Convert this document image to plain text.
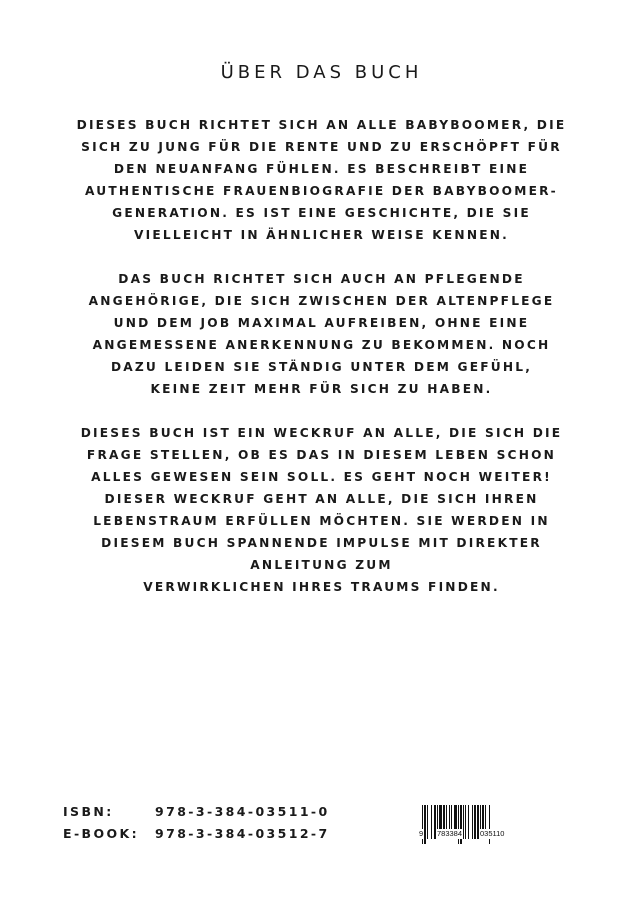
ÜBER DAS BUCH

DIESES BUCH RICHTET SICH AN ALLE BABYBOOMER, DIE
SICH ZU JUNG FÜR DIE RENTE UND ZU ERSCHÖPFT FÜR
DEN NEUANFANG FÜHLEN. ES BESCHREIBT EINE
AUTHENTISCHE FRAUENBIOGRAFIE DER BABYBOOMER-
GENERATION. ES IST EINE GESCHICHTE, DIE SIE
VIELLEICHT IN ÄHNLICHER WEISE KENNEN.

DAS BUCH RICHTET SICH AUCH AN PFLEGENDE
ANGEHÖRIGE, DIE SICH ZWISCHEN DER ALTENPFLEGE
UND DEM JOB MAXIMAL AUFREIBEN, OHNE EINE
ANGEMESSENE ANERKENNUNG ZU BEKOMMEN. NOCH
DAZU LEIDEN SIE STÄNDIG UNTER DEM GEFÜHL,
KEINE ZEIT MEHR FÜR SICH ZU HABEN.

DIESES BUCH IST EIN WECKRUF AN ALLE, DIE SICH DIE
FRAGE STELLEN, OB ES DAS IN DIESEM LEBEN SCHON
ALLES GEWESEN SEIN SOLL. ES GEHT NOCH WEITER!
DIESER WECKRUF GEHT AN ALLE, DIE SICH IHREN
LEBENSTRAUM ERFÜLLEN MÖCHTEN. SIE WERDEN IN
DIESEM BUCH SPANNENDE IMPULSE MIT DIREKTER
ANLEITUNG ZUM
VERWIRKLICHEN IHRES TRAUMS FINDEN.

ISBN:	978-3-384-03511-0
E-BOOK:	978-3-384-03512-7	9 783384 035110
